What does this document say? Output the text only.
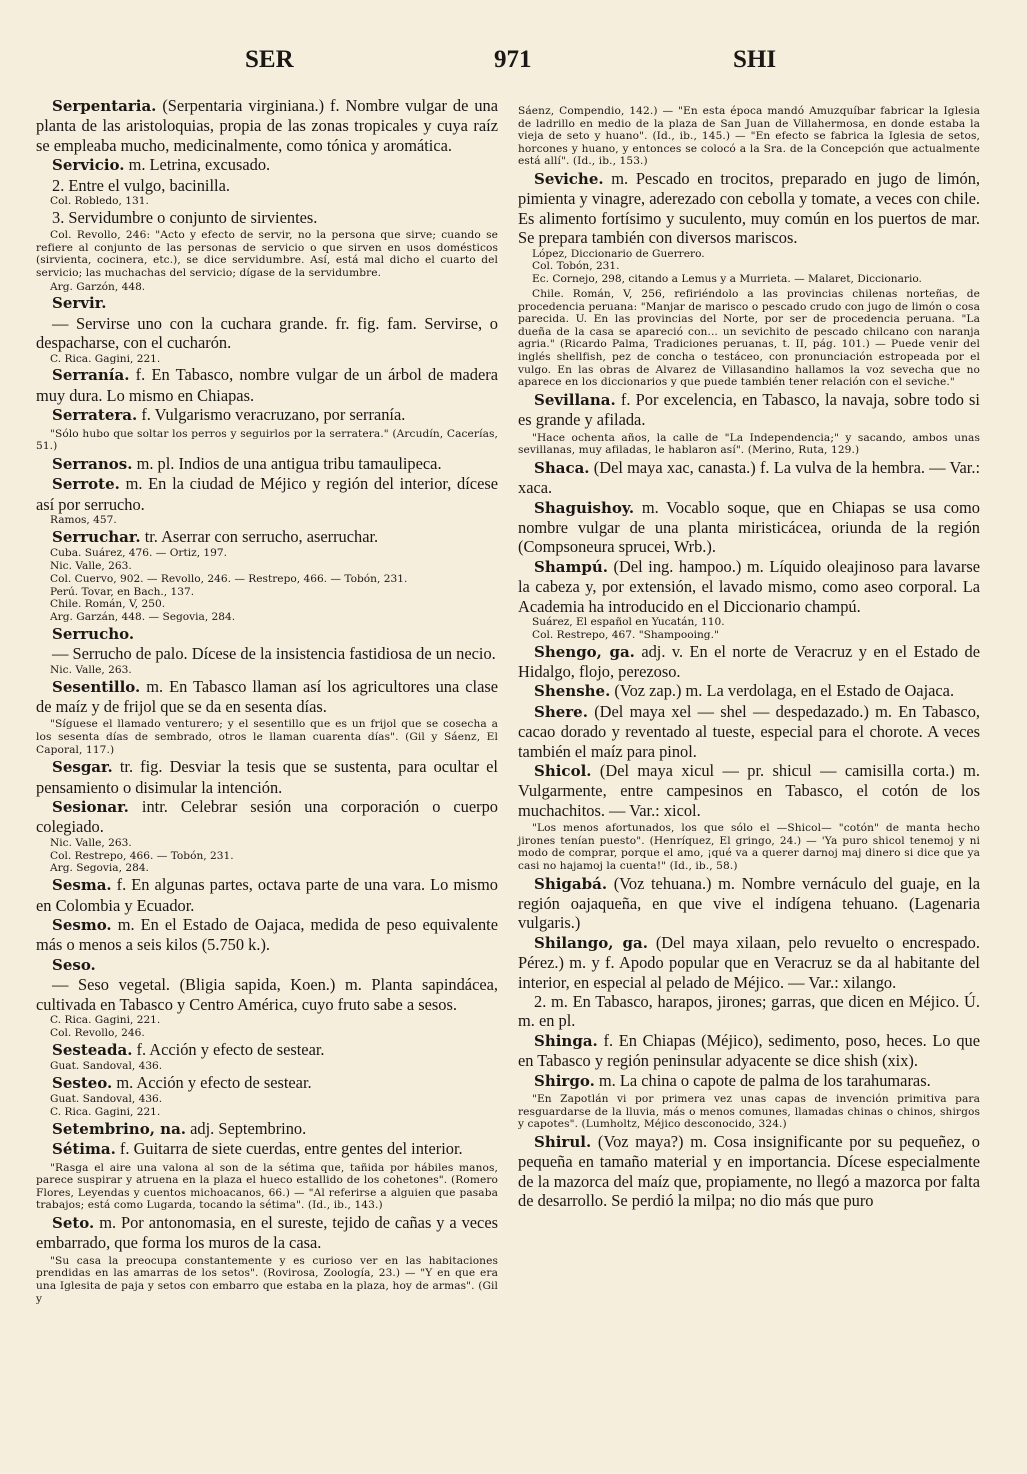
SER	971	SHI

Serpentaria. (Serpentaria virginiana.) f. Nombre vulgar de una planta de las aristoloquias, propia de las zonas tropicales y cuya raíz se empleaba mucho, medicinalmente, como tónica y aromática.

Servicio. m. Letrina, excusado.

2. Entre el vulgo, bacinilla.

Col. Robledo, 131.

3. Servidumbre o conjunto de sirvientes.

Col. Revollo, 246: "Acto y efecto de servir, no la persona que sirve; cuando se refiere al conjunto de las personas de servicio o que sirven en usos domésticos (sirvienta, cocinera, etc.), se dice servidumbre. Así, está mal dicho el cuarto del servicio; las muchachas del servicio; dígase de la servidumbre.

Arg. Garzón, 448.

Servir.

— Servirse uno con la cuchara grande. fr. fig. fam. Servirse, o despacharse, con el cucharón.

C. Rica. Gagini, 221.

Serranía. f. En Tabasco, nombre vulgar de un árbol de madera muy dura. Lo mismo en Chiapas.

Serratera. f. Vulgarismo veracruzano, por serranía.

"Sólo hubo que soltar los perros y seguirlos por la serratera." (Arcudín, Cacerías, 51.)

Serranos. m. pl. Indios de una antigua tribu tamaulipeca.

Serrote. m. En la ciudad de Méjico y región del interior, dícese así por serrucho.

Ramos, 457.

Serruchar. tr. Aserrar con serrucho, aserruchar.

Cuba. Suárez, 476. — Ortiz, 197.

Nic. Valle, 263.

Col. Cuervo, 902. — Revollo, 246. — Restrepo, 466. — Tobón, 231.

Perú. Tovar, en Bach., 137.

Chile. Román, V, 250.

Arg. Garzán, 448. — Segovia, 284.

Serrucho.

— Serrucho de palo. Dícese de la insistencia fastidiosa de un necio.

Nic. Valle, 263.

Sesentillo. m. En Tabasco llaman así los agricultores una clase de maíz y de frijol que se da en sesenta días.

"Síguese el llamado venturero; y el sesentillo que es un frijol que se cosecha a los sesenta días de sembrado, otros le llaman cuarenta días". (Gil y Sáenz, El Caporal, 117.)

Sesgar. tr. fig. Desviar la tesis que se sustenta, para ocultar el pensamiento o disimular la intención.

Sesionar. intr. Celebrar sesión una corporación o cuerpo colegiado.

Nic. Valle, 263.

Col. Restrepo, 466. — Tobón, 231.

Arg. Segovia, 284.

Sesma. f. En algunas partes, octava parte de una vara. Lo mismo en Colombia y Ecuador.

Sesmo. m. En el Estado de Oajaca, medida de peso equivalente más o menos a seis kilos (5.750 k.).

Seso.

— Seso vegetal. (Bligia sapida, Koen.) m. Planta sapindácea, cultivada en Tabasco y Centro América, cuyo fruto sabe a sesos.

C. Rica. Gagini, 221.

Col. Revollo, 246.

Sesteada. f. Acción y efecto de sestear.

Guat. Sandoval, 436.

Sesteo. m. Acción y efecto de sestear.

Guat. Sandoval, 436.

C. Rica. Gagini, 221.

Setembrino, na. adj. Septembrino.

Sétima. f. Guitarra de siete cuerdas, entre gentes del interior.

"Rasga el aire una valona al son de la sétima que, tañida por hábiles manos, parece suspirar y atruena en la plaza el hueco estallido de los cohetones". (Romero Flores, Leyendas y cuentos michoacanos, 66.) — "Al referirse a alguien que pasaba trabajos; está como Lugarda, tocando la sétima". (Id., ib., 143.)

Seto. m. Por antonomasia, en el sureste, tejido de cañas y a veces embarrado, que forma los muros de la casa.

"Su casa la preocupa constantemente y es curioso ver en las habitaciones prendidas en las amarras de los setos". (Rovirosa, Zoología, 23.) — "Y en que era una Iglesita de paja y setos con embarro que estaba en la plaza, hoy de armas". (Gil y

Sáenz, Compendio, 142.) — "En esta época mandó Amuzquíbar fabricar la Iglesia de ladrillo en medio de la plaza de San Juan de Villahermosa, en donde estaba la vieja de seto y huano". (Id., ib., 145.) — "En efecto se fabrica la Iglesia de setos, horcones y huano, y entonces se colocó a la Sra. de la Concepción que actualmente está allí". (Id., ib., 153.)

Seviche. m. Pescado en trocitos, preparado en jugo de limón, pimienta y vinagre, aderezado con cebolla y tomate, a veces con chile. Es alimento fortísimo y suculento, muy común en los puertos de mar. Se prepara también con diversos mariscos.

López, Diccionario de Guerrero.

Col. Tobón, 231.

Ec. Cornejo, 298, citando a Lemus y a Murrieta. — Malaret, Diccionario.

Chile. Román, V, 256, refiriéndolo a las provincias chilenas norteñas, de procedencia peruana: "Manjar de marisco o pescado crudo con jugo de limón o cosa parecida. U. En las provincias del Norte, por ser de procedencia peruana. "La dueña de la casa se apareció con... un sevichito de pescado chilcano con naranja agria." (Ricardo Palma, Tradiciones peruanas, t. II, pág. 101.) — Puede venir del inglés shellfish, pez de concha o testáceo, con pronunciación estropeada por el vulgo. En las obras de Alvarez de Villasandino hallamos la voz sevecha que no aparece en los diccionarios y que puede también tener relación con el seviche."

Sevillana. f. Por excelencia, en Tabasco, la navaja, sobre todo si es grande y afilada.

"Hace ochenta años, la calle de "La Independencia;" y sacando, ambos unas sevillanas, muy afiladas, le hablaron así". (Merino, Ruta, 129.)

Shaca. (Del maya xac, canasta.) f. La vulva de la hembra. — Var.: xaca.

Shaguishoy. m. Vocablo soque, que en Chiapas se usa como nombre vulgar de una planta miristicácea, oriunda de la región (Compsoneura sprucei, Wrb.).

Shampú. (Del ing. hampoo.) m. Líquido oleajinoso para lavarse la cabeza y, por extensión, el lavado mismo, como aseo corporal. La Academia ha introducido en el Diccionario champú.

Suárez, El español en Yucatán, 110.

Col. Restrepo, 467. "Shampooing."

Shengo, ga. adj. v. En el norte de Veracruz y en el Estado de Hidalgo, flojo, perezoso.

Shenshe. (Voz zap.) m. La verdolaga, en el Estado de Oajaca.

Shere. (Del maya xel — shel — despedazado.) m. En Tabasco, cacao dorado y reventado al tueste, especial para el chorote. A veces también el maíz para pinol.

Shicol. (Del maya xicul — pr. shicul — camisilla corta.) m. Vulgarmente, entre campesinos en Tabasco, el cotón de los muchachitos. — Var.: xicol.

"Los menos afortunados, los que sólo el —Shicol— "cotón" de manta hecho jirones tenían puesto". (Henríquez, El gringo, 24.) — 'Ya puro shicol tenemoj y ni modo de comprar, porque el amo, ¡qué va a querer darnoj maj dinero si dice que ya casi no hajamoj la cuenta!" (Id., ib., 58.)

Shigabá. (Voz tehuana.) m. Nombre vernáculo del guaje, en la región oajaqueña, en que vive el indígena tehuano. (Lagenaria vulgaris.)

Shilango, ga. (Del maya xilaan, pelo revuelto o encrespado. Pérez.) m. y f. Apodo popular que en Veracruz se da al habitante del interior, en especial al pelado de Méjico. — Var.: xilango.

2. m. En Tabasco, harapos, jirones; garras, que dicen en Méjico. Ú. m. en pl.

Shinga. f. En Chiapas (Méjico), sedimento, poso, heces. Lo que en Tabasco y región peninsular adyacente se dice shish (xix).

Shirgo. m. La china o capote de palma de los tarahumaras.

"En Zapotlán vi por primera vez unas capas de invención primitiva para resguardarse de la lluvia, más o menos comunes, llamadas chinas o chinos, shirgos y capotes". (Lumholtz, Méjico desconocido, 324.)

Shirul. (Voz maya?) m. Cosa insignificante por su pequeñez, o pequeña en tamaño material y en importancia. Dícese especialmente de la mazorca del maíz que, propiamente, no llegó a mazorca por falta de desarrollo. Se perdió la milpa; no dio más que puro
